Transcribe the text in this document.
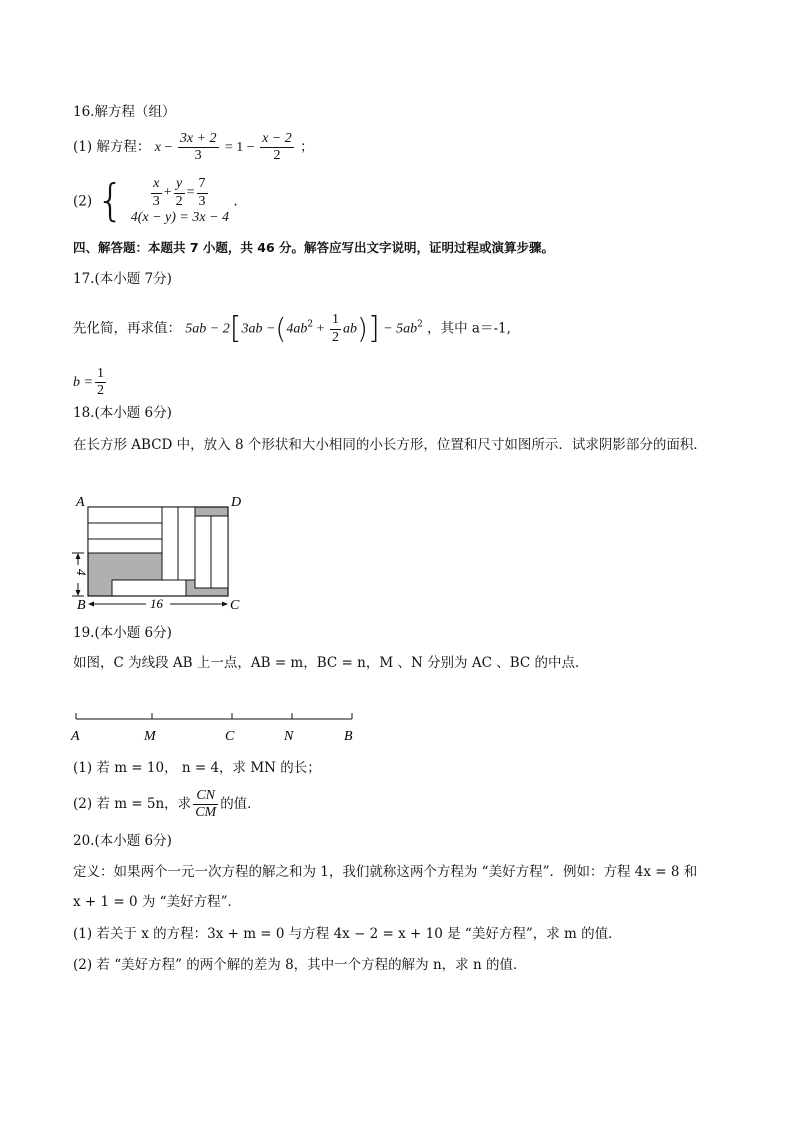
16.解方程（组）
(1) 解方程： $x - \frac{3x + 2}{3} = 1 - \frac{x - 2}{2}$ ；
(2) { $\frac{x}{3} + \frac{y}{2} = \frac{7}{3}$
4(x − y) = 3x − 4
.
四、解答题：本题共 7 小题，共 46 分。解答应写出文字说明，证明过程或演算步骤。
17.(本小题 7分)
先化简，再求值： $5ab - 2[3ab -(4ab^2 + \frac{1}{2} ab)] - 5ab^2$ ，其中 a＝-1,
$b = \frac{1}{2}$
18.(本小题 6分)
在长方形 ABCD 中，放入 8 个形状和大小相同的小长方形，位置和尺寸如图所示．试求阴影部分的面积．
4
16
A	D
B	C
19.(本小题 6分)
如图，C 为线段 AB 上一点，AB = m，BC = n，M 、N 分别为 AC 、BC 的中点．
A	M	C	N	B
(1) 若 m = 10， n = 4，求 MN 的长；
(2) 若 m = 5n，求 $\frac{CN}{CM}$ 的值．
20.(本小题 6分)
定义：如果两个一元一次方程的解之和为 1，我们就称这两个方程为 “美好方程”．例如：方程 4x = 8 和
x + 1 = 0 为 “美好方程”．
(1) 若关于 x 的方程：3x + m = 0 与方程 4x − 2 = x + 10 是 “美好方程”，求 m 的值．
(2) 若 “美好方程” 的两个解的差为 8，其中一个方程的解为 n，求 n 的值．
